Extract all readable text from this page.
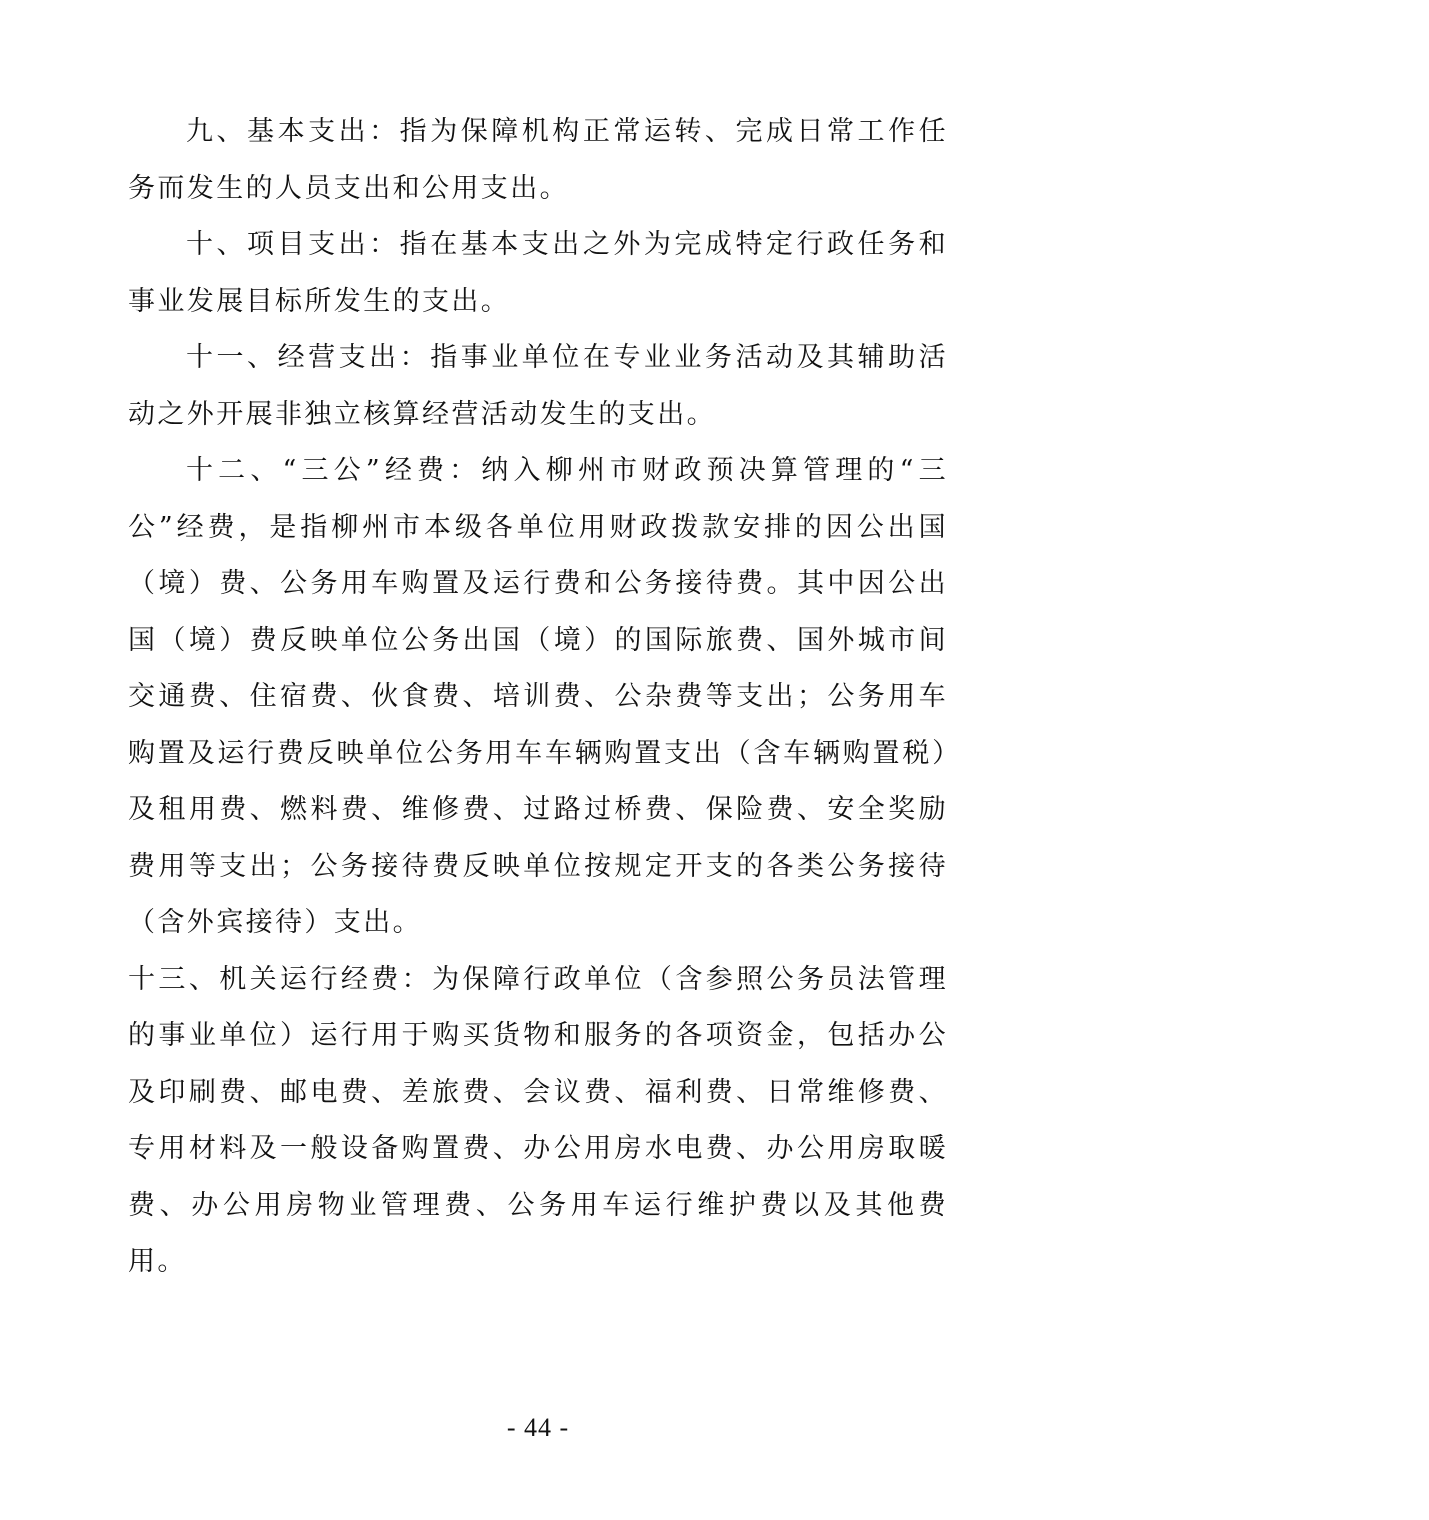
九、基本支出：指为保障机构正常运转、完成日常工作任务而发生的人员支出和公用支出。

十、项目支出：指在基本支出之外为完成特定行政任务和事业发展目标所发生的支出。

十一、经营支出：指事业单位在专业业务活动及其辅助活动之外开展非独立核算经营活动发生的支出。

十二、“三公”经费：纳入柳州市财政预决算管理的“三公”经费，是指柳州市本级各单位用财政拨款安排的因公出国（境）费、公务用车购置及运行费和公务接待费。其中因公出国（境）费反映单位公务出国（境）的国际旅费、国外城市间交通费、住宿费、伙食费、培训费、公杂费等支出；公务用车购置及运行费反映单位公务用车车辆购置支出（含车辆购置税）及租用费、燃料费、维修费、过路过桥费、保险费、安全奖励费用等支出；公务接待费反映单位按规定开支的各类公务接待（含外宾接待）支出。

十三、机关运行经费：为保障行政单位（含参照公务员法管理的事业单位）运行用于购买货物和服务的各项资金，包括办公及印刷费、邮电费、差旅费、会议费、福利费、日常维修费、专用材料及一般设备购置费、办公用房水电费、办公用房取暖费、办公用房物业管理费、公务用车运行维护费以及其他费用。

- 44 -
